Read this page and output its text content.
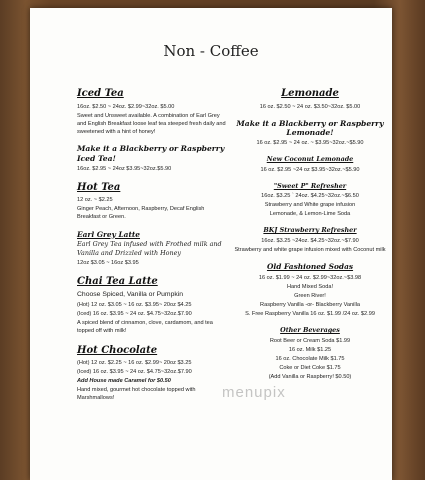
Non - Coffee
Iced Tea
16oz. $2.50 ~ 24oz. $2.99~32oz. $5.00
Sweet and Unsweet available. A combination of Earl Grey and English Breakfast loose leaf tea steeped fresh daily and sweetened with a hint of honey!
Make it a Blackberry or Raspberry Iced Tea!
16oz. $2.95 ~ 24oz $3.95~32oz.$5.90
Hot Tea
12 oz. ~ $2.25
Ginger Peach, Afternoon, Raspberry, Decaf English Breakfast or Green.
Earl Grey Latte
Earl Grey Tea infused with Frothed milk and Vanilla and Drizzled with Honey
12oz $3.05 ~ 16oz $3.95
Chai Tea Latte
Choose Spiced, Vanilla or Pumpkin
(Hot) 12 oz. $3.05 ~ 16 oz. $3.95~ 20oz $4.25
(Iced) 16 oz. $3.95 ~ 24 oz. $4.75~32oz.$7.90
A spiced blend of cinnamon, clove, cardamom, and tea topped off with milk!
Hot Chocolate
(Hot) 12 oz. $2.25 ~ 16 oz. $2.99~ 20oz $3.25
(Iced) 16 oz. $3.95 ~ 24 oz. $4.75~32oz.$7.90
Add House made Caramel for $0.50
Hand mixed, gourmet hot chocolate topped with Marshmallows!
Lemonade
16 oz. $2.50 ~ 24 oz. $3.50~32oz. $5.00
Make it a Blackberry or Raspberry Lemonade!
16 oz. $2.95 ~ 24 oz. ~ $3.95~32oz.~$5.90
New Coconut Lemonade
16 oz. $2.95 ~24 oz $3.95~32oz.~$5.90
"Sweet P" Refresher
16oz. $3.25 ` 24oz. $4.25~32oz.~$6.50
Strawberry and White grape infusion
Lemonade, & Lemon-Lime Soda
BKJ Strawberry Refresher
16oz. $3.25 ~24oz. $4.25~32oz.~$7.90
Strawberry and white grape infusion mixed with Coconut milk
Old Fashioned Sodas
16 oz. $1.99 ~ 24 oz. $2.99~32oz.~$3.98
Hand Mixed Soda!
Green River!
Raspberry Vanilla -or- Blackberry Vanilla
S. Free Raspberry Vanilla 16 oz. $1.99 /24 oz. $2.99
Other Beverages
Root Beer or Cream Soda $1.99
16 oz. Milk $1.25
16 oz. Chocolate Milk $1.75
Coke or Diet Coke $1.75
(Add Vanilla or Raspberry! $0.50)
menupix
